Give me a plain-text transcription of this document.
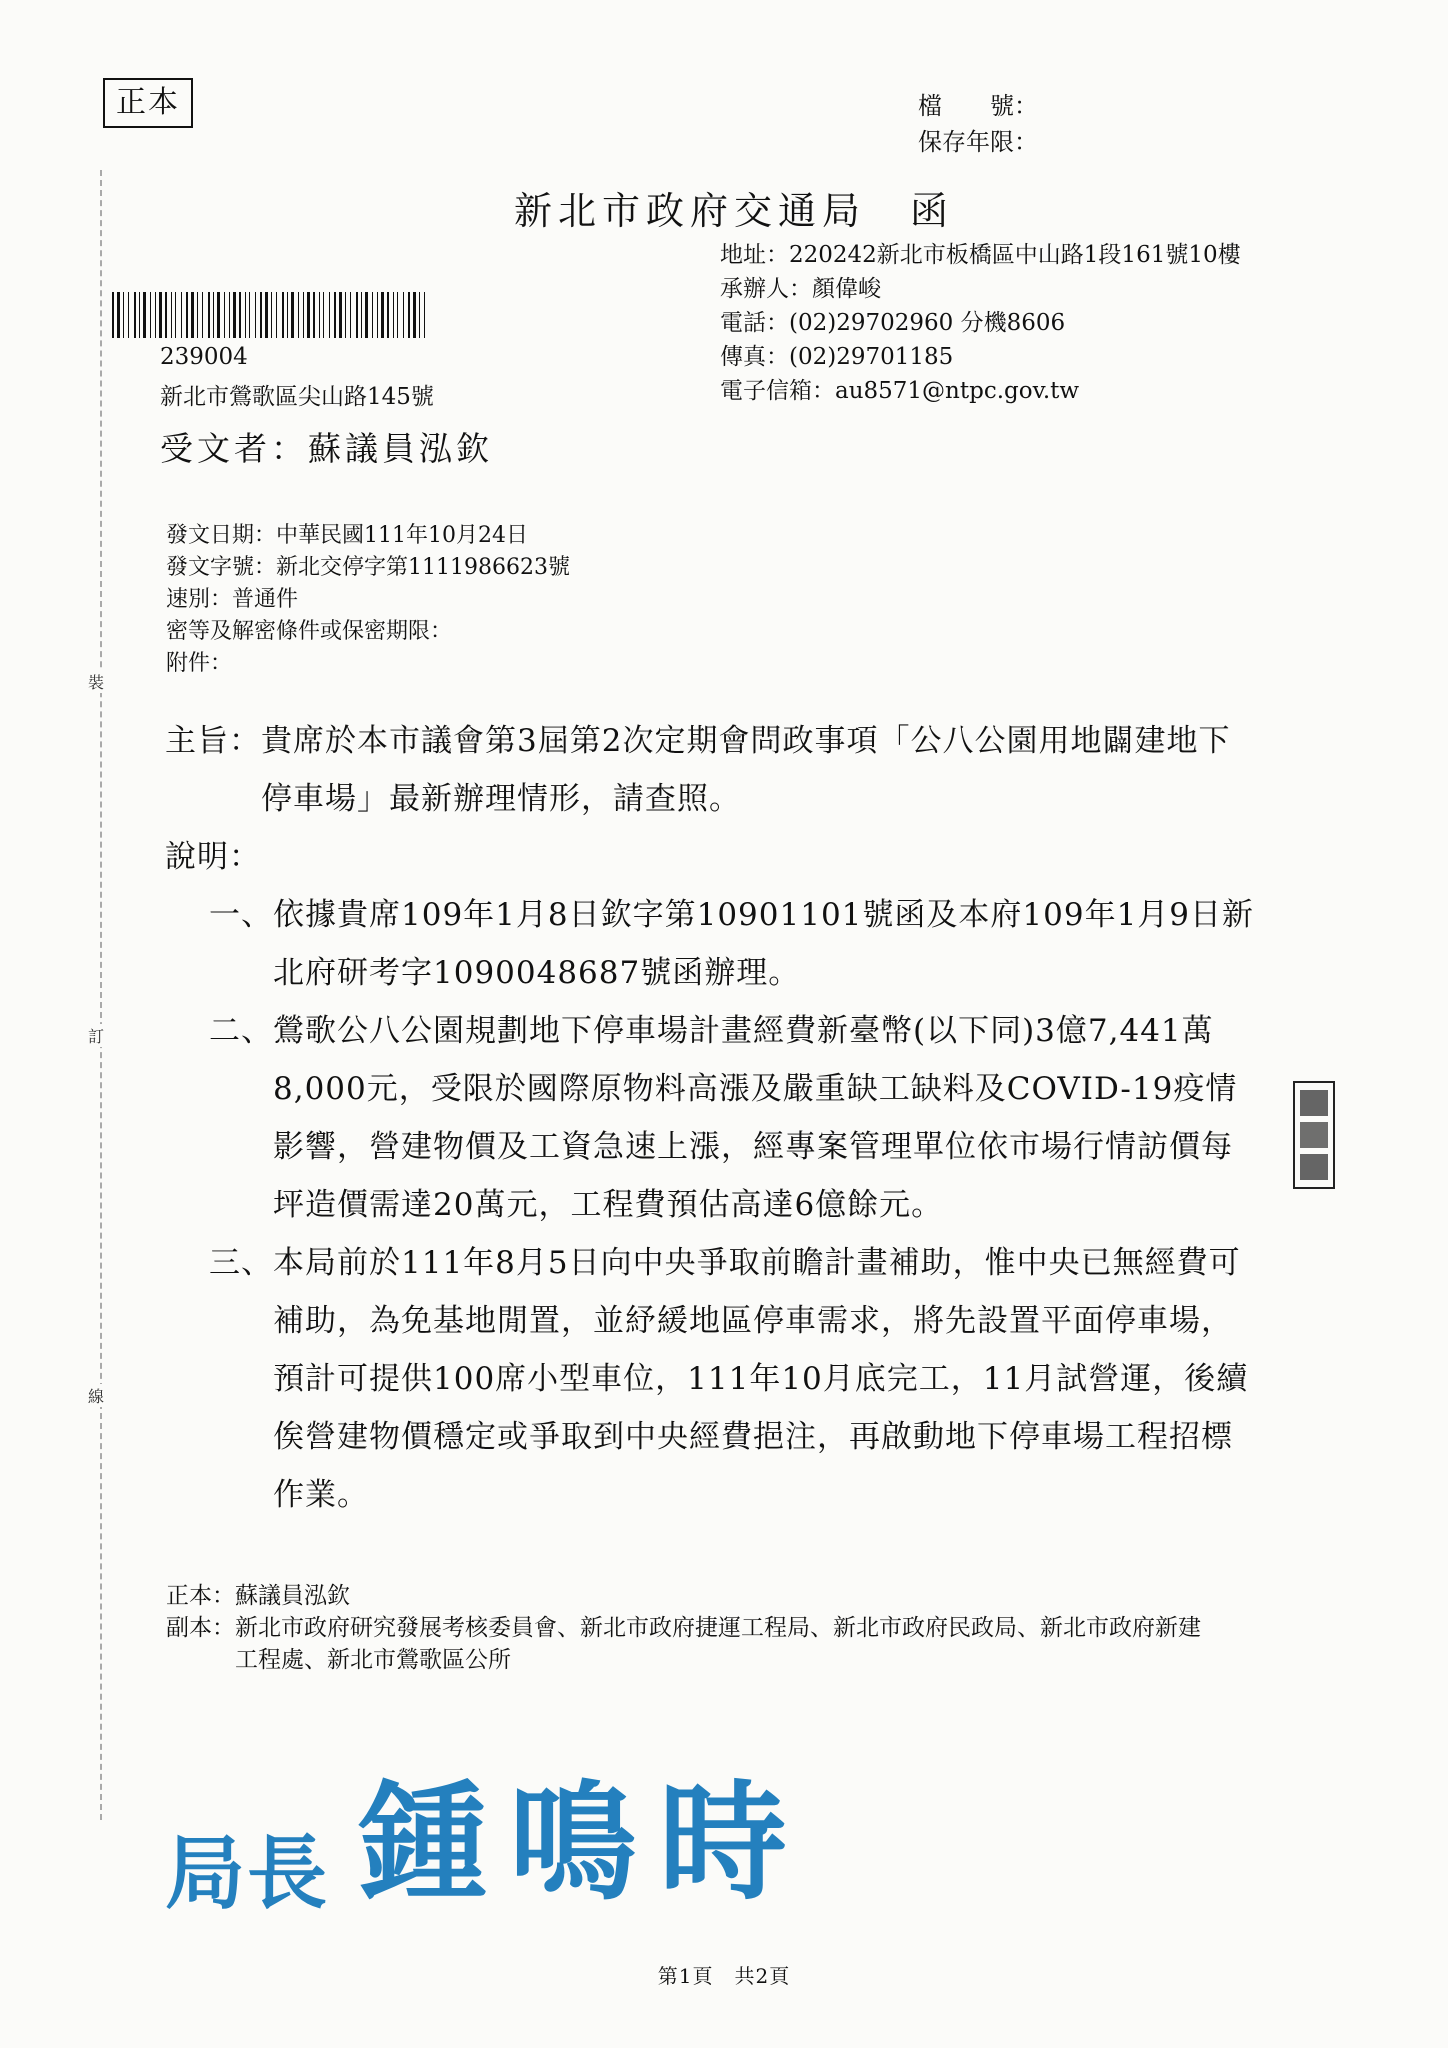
正本	檔　　號：
保存年限：
新北市政府交通局　函
地址：220242新北市板橋區中山路1段161號10樓
承辦人：顏偉峻
電話：(02)29702960 分機8606
傳真：(02)29701185
電子信箱：au8571@ntpc.gov.tw
239004
新北市鶯歌區尖山路145號
受文者：蘇議員泓欽
發文日期：中華民國111年10月24日
發文字號：新北交停字第1111986623號
速別：普通件
密等及解密條件或保密期限：
附件：
裝
訂
線
主旨： 貴席於本市議會第3屆第2次定期會問政事項「公八公園用地闢建地下停車場」最新辦理情形，請查照。
說明：
一、 依據貴席109年1月8日欽字第10901101號函及本府109年1月9日新北府研考字1090048687號函辦理。
二、 鶯歌公八公園規劃地下停車場計畫經費新臺幣(以下同)3億7,441萬8,000元，受限於國際原物料高漲及嚴重缺工缺料及COVID-19疫情影響，營建物價及工資急速上漲，經專案管理單位依市場行情訪價每坪造價需達20萬元，工程費預估高達6億餘元。
三、 本局前於111年8月5日向中央爭取前瞻計畫補助，惟中央已無經費可補助，為免基地閒置，並紓緩地區停車需求，將先設置平面停車場，預計可提供100席小型車位，111年10月底完工，11月試營運，後續俟營建物價穩定或爭取到中央經費挹注，再啟動地下停車場工程招標作業。
正本： 蘇議員泓欽
副本： 新北市政府研究發展考核委員會、新北市政府捷運工程局、新北市政府民政局、新北市政府新建工程處、新北市鶯歌區公所
局長 鍾鳴時
第1頁　共2頁
